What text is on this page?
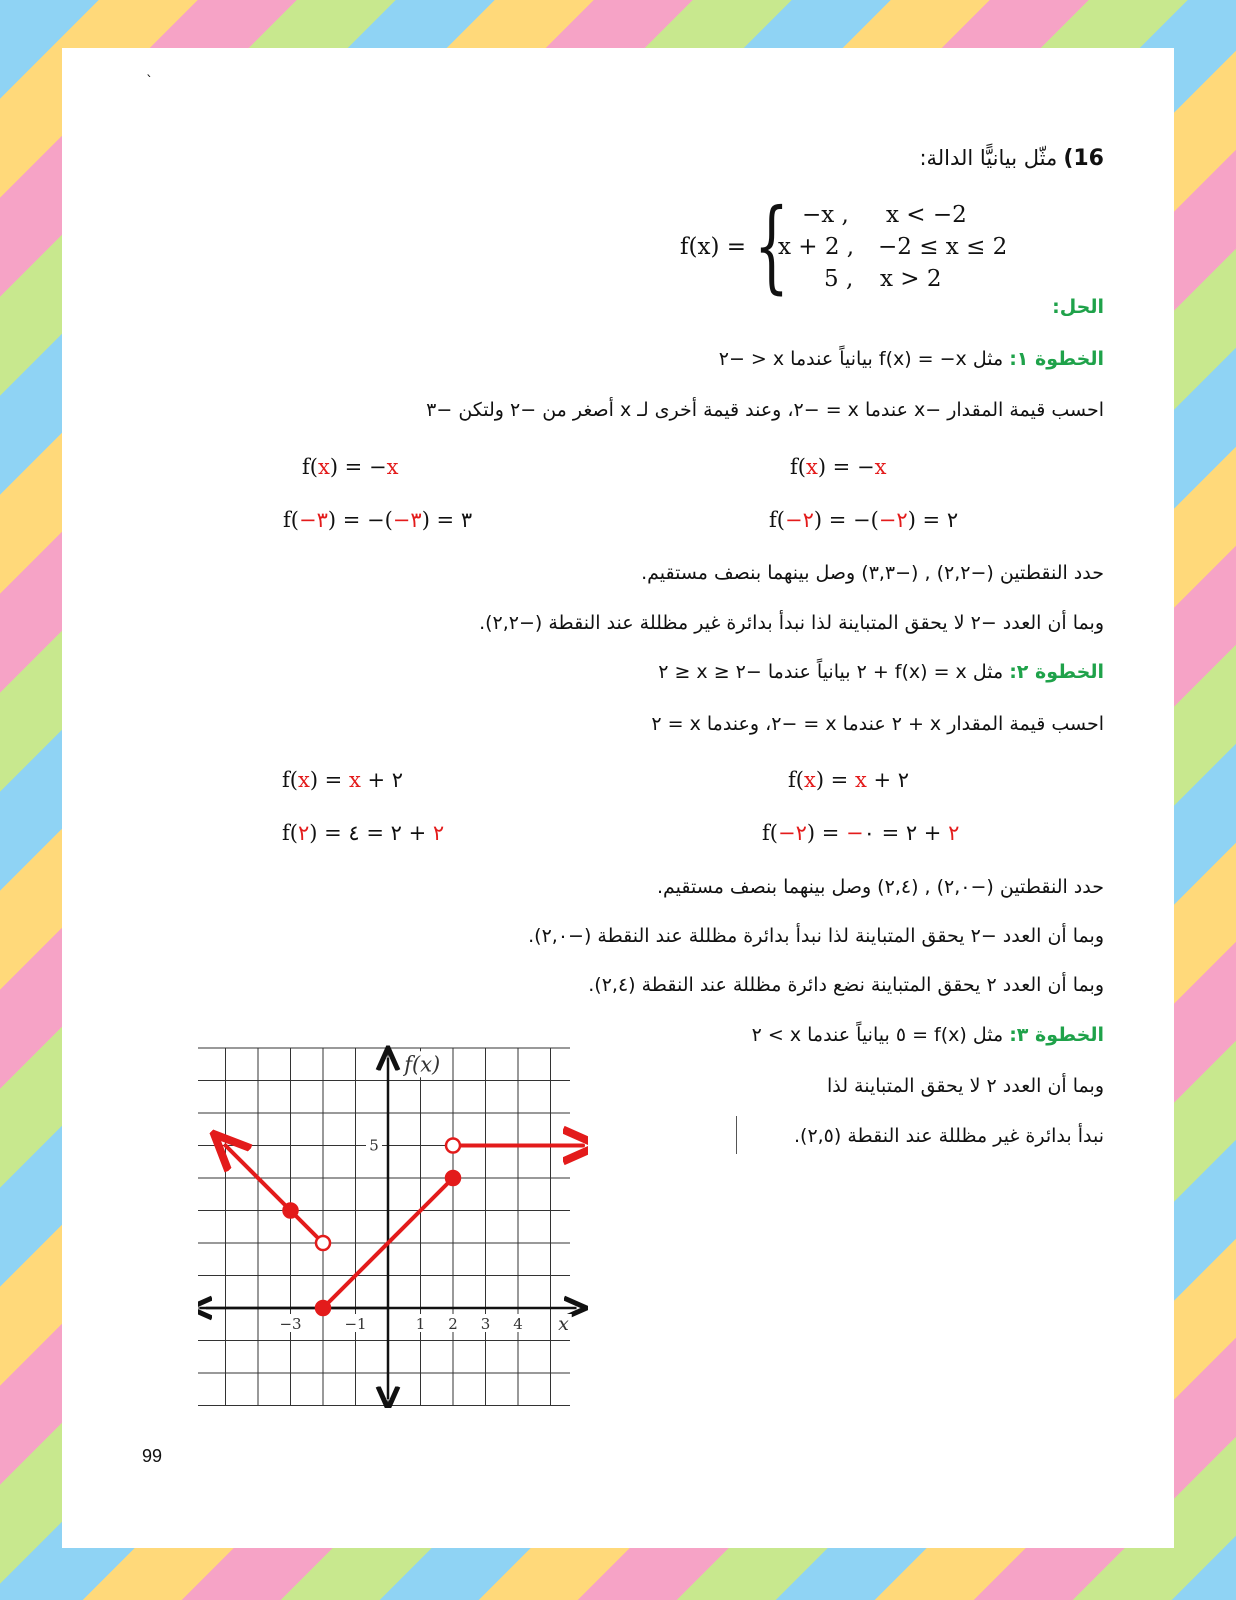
`
16) مثّل بيانيًّا الدالة:
f(x) = { −x , x < −2
x + 2 , −2 ≤ x ≤ 2
5 , x > 2
الحل:
الخطوة ١: مثل f(x) = −x بيانياً عندما x < −٢
احسب قيمة المقدار −x عندما x = −٢، وعند قيمة أخرى لـ x أصغر من −٢ ولتكن −٣
f(x) = −x
f(−٢) = −(−٢) = ٢
f(x) = −x
f(−٣) = −(−٣) = ٣
حدد النقطتين (−٢,٢) , (−٣,٣) وصل بينهما بنصف مستقيم.
وبما أن العدد −٢ لا يحقق المتباينة لذا نبدأ بدائرة غير مظللة عند النقطة (−٢,٢).
الخطوة ٢: مثل f(x) = x + ٢ بيانياً عندما −٢ ≤ x ≤ ٢
احسب قيمة المقدار x + ٢ عندما x = −٢، وعندما x = ٢
f(x) = x + ٢
f(−٢) = −٢ + ٢ = ٠
f(x) = x + ٢
f(٢) =	٢ + ٢ = ٤
حدد النقطتين (−٢,٠) , (٢,٤) وصل بينهما بنصف مستقيم.
وبما أن العدد −٢ يحقق المتباينة لذا نبدأ بدائرة مظللة عند النقطة (−٢,٠).
وبما أن العدد ٢ يحقق المتباينة نضع دائرة مظللة عند النقطة (٢,٤).
الخطوة ٣: مثل f(x) = ٥ بيانياً عندما x > ٢
وبما أن العدد ٢ لا يحقق المتباينة لذا
نبدأ بدائرة غير مظللة عند النقطة (٢,٥).
−3	−1	1 2 3 4
5
x
f(x)
99
